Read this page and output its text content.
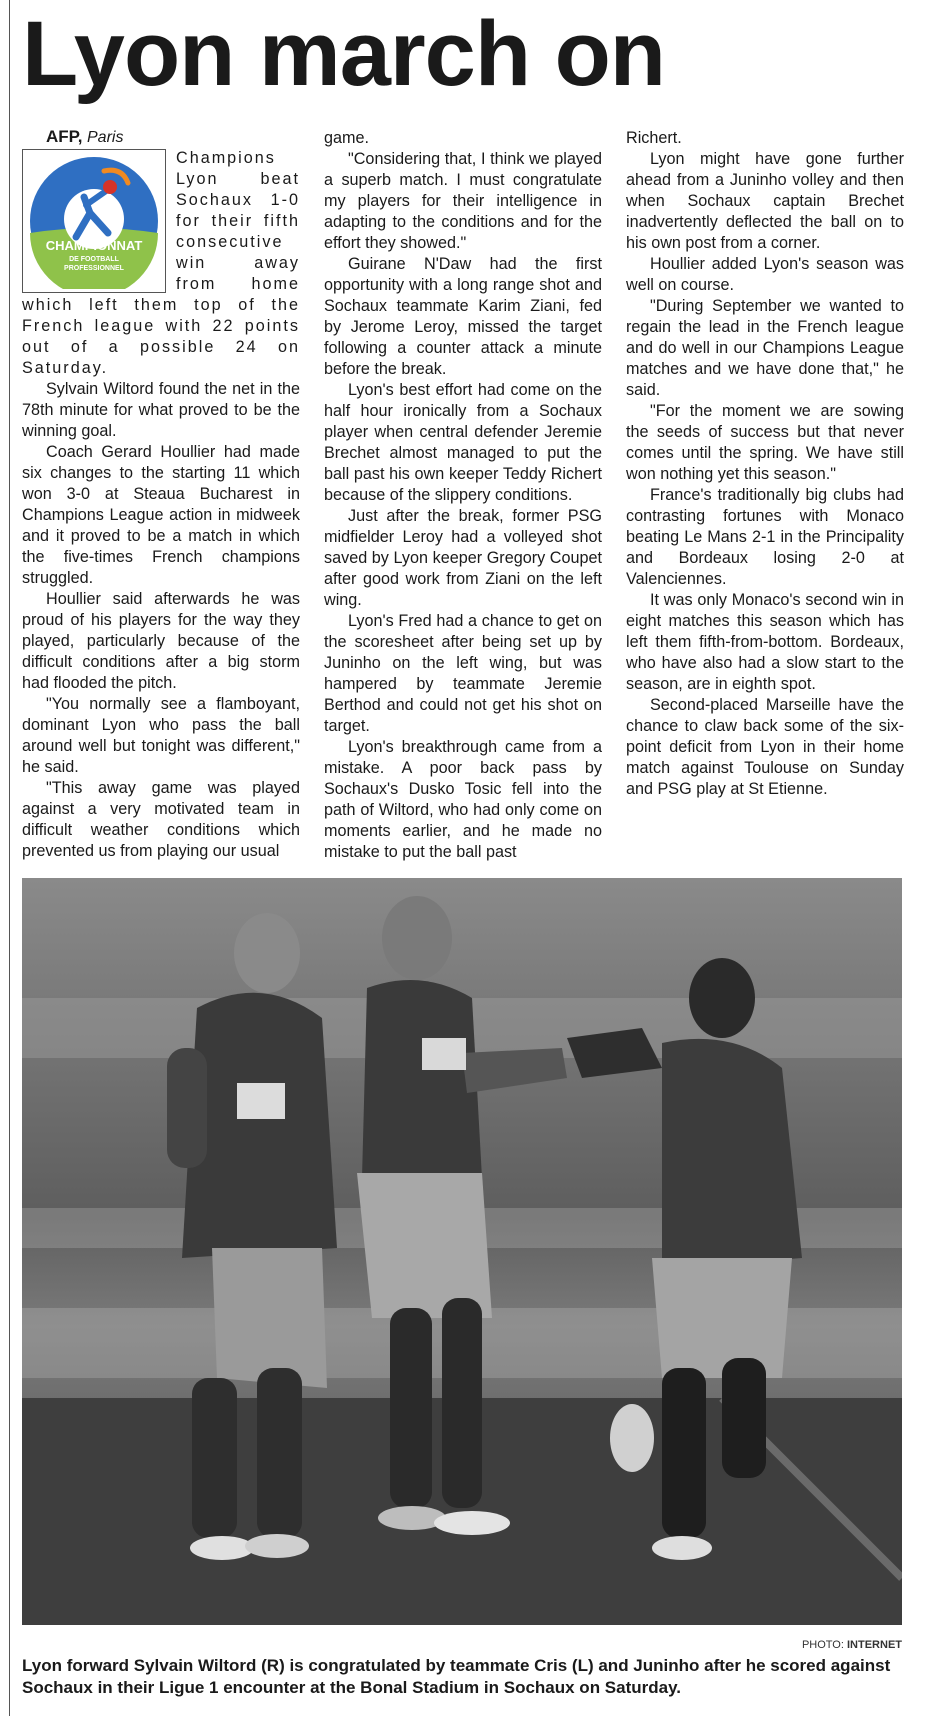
Lyon march on

AFP, Paris

CHAMPIONNAT
DE FOOTBALL
PROFESSIONNEL

Champions Lyon beat Sochaux 1-0 for their fifth consecutive win away from home which left them top of the French league with 22 points out of a possible 24 on Saturday.

Sylvain Wiltord found the net in the 78th minute for what proved to be the winning goal.

Coach Gerard Houllier had made six changes to the starting 11 which won 3-0 at Steaua Bucharest in Champions League action in midweek and it proved to be a match in which the five-times French champions struggled.

Houllier said afterwards he was proud of his players for the way they played, particularly because of the difficult conditions after a big storm had flooded the pitch.

"You normally see a flamboyant, dominant Lyon who pass the ball around well but tonight was different," he said.

"This away game was played against a very motivated team in difficult weather conditions which prevented us from playing our usual

game.

"Considering that, I think we played a superb match. I must congratulate my players for their intelligence in adapting to the conditions and for the effort they showed."

Guirane N'Daw had the first opportunity with a long range shot and Sochaux teammate Karim Ziani, fed by Jerome Leroy, missed the target following a counter attack a minute before the break.

Lyon's best effort had come on the half hour ironically from a Sochaux player when central defender Jeremie Brechet almost managed to put the ball past his own keeper Teddy Richert because of the slippery conditions.

Just after the break, former PSG midfielder Leroy had a volleyed shot saved by Lyon keeper Gregory Coupet after good work from Ziani on the left wing.

Lyon's Fred had a chance to get on the scoresheet after being set up by Juninho on the left wing, but was hampered by teammate Jeremie Berthod and could not get his shot on target.

Lyon's breakthrough came from a mistake. A poor back pass by Sochaux's Dusko Tosic fell into the path of Wiltord, who had only come on moments earlier, and he made no mistake to put the ball past

Richert.

Lyon might have gone further ahead from a Juninho volley and then when Sochaux captain Brechet inadvertently deflected the ball on to his own post from a corner.

Houllier added Lyon's season was well on course.

"During September we wanted to regain the lead in the French league and do well in our Champions League matches and we have done that," he said.

"For the moment we are sowing the seeds of success but that never comes until the spring. We have still won nothing yet this season."

France's traditionally big clubs had contrasting fortunes with Monaco beating Le Mans 2-1 in the Principality and Bordeaux losing 2-0 at Valenciennes.

It was only Monaco's second win in eight matches this season which has left them fifth-from-bottom. Bordeaux, who have also had a slow start to the season, are in eighth spot.

Second-placed Marseille have the chance to claw back some of the six-point deficit from Lyon in their home match against Toulouse on Sunday and PSG play at St Etienne.

PHOTO: INTERNET
Lyon forward Sylvain Wiltord (R) is congratulated by teammate Cris (L) and Juninho after he scored against Sochaux in their Ligue 1 encounter at the Bonal Stadium in Sochaux on Saturday.
